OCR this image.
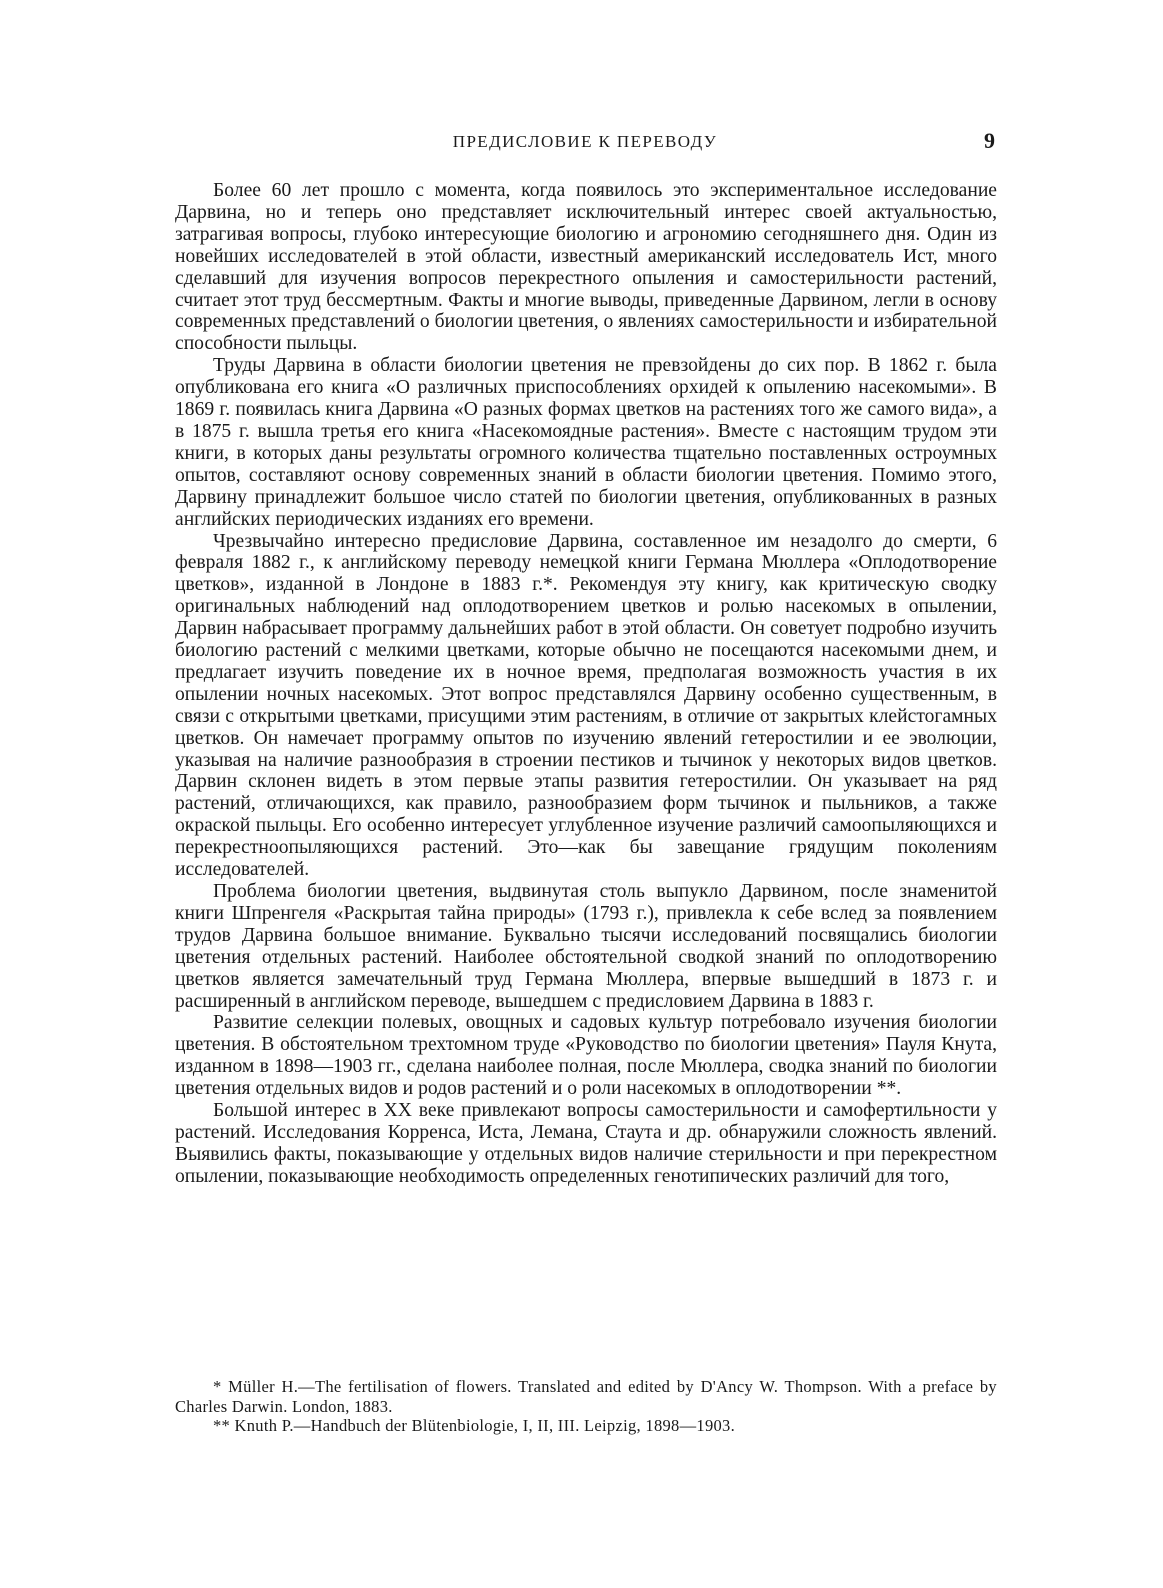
ПРЕДИСЛОВИЕ К ПЕРЕВОДУ	9

Более 60 лет прошло с момента, когда появилось это экспериментальное исследование Дарвина, но и теперь оно представляет исключительный интерес своей актуальностью, затрагивая вопросы, глубоко интересующие биологию и агрономию сегодняшнего дня. Один из новейших исследователей в этой области, известный американский исследователь Ист, много сделавший для изучения вопросов перекрестного опыления и самостерильности растений, считает этот труд бессмертным. Факты и многие выводы, приведенные Дарвином, легли в основу современных представлений о биологии цветения, о явлениях самостерильности и избирательной способности пыльцы.

Труды Дарвина в области биологии цветения не превзойдены до сих пор. В 1862 г. была опубликована его книга «О различных приспособлениях орхидей к опылению насекомыми». В 1869 г. появилась книга Дарвина «О разных формах цветков на растениях того же самого вида», а в 1875 г. вышла третья его книга «Насекомоядные растения». Вместе с настоящим трудом эти книги, в которых даны результаты огромного количества тщательно поставленных остроумных опытов, составляют основу современных знаний в области биологии цветения. Помимо этого, Дарвину принадлежит большое число статей по биологии цветения, опубликованных в разных английских периодических изданиях его времени.

Чрезвычайно интересно предисловие Дарвина, составленное им незадолго до смерти, 6 февраля 1882 г., к английскому переводу немецкой книги Германа Мюллера «Оплодотворение цветков», изданной в Лондоне в 1883 г.*. Рекомендуя эту книгу, как критическую сводку оригинальных наблюдений над оплодотворением цветков и ролью насекомых в опылении, Дарвин набрасывает программу дальнейших работ в этой области. Он советует подробно изучить биологию растений с мелкими цветками, которые обычно не посещаются насекомыми днем, и предлагает изучить поведение их в ночное время, предполагая возможность участия в их опылении ночных насекомых. Этот вопрос представлялся Дарвину особенно существенным, в связи с открытыми цветками, присущими этим растениям, в отличие от закрытых клейстогамных цветков. Он намечает программу опытов по изучению явлений гетеростилии и ее эволюции, указывая на наличие разнообразия в строении пестиков и тычинок у некоторых видов цветков. Дарвин склонен видеть в этом первые этапы развития гетеростилии. Он указывает на ряд растений, отличающихся, как правило, разнообразием форм тычинок и пыльников, а также окраской пыльцы. Его особенно интересует углубленное изучение различий самоопыляющихся и перекрестноопыляющихся растений. Это—как бы завещание грядущим поколениям исследователей.

Проблема биологии цветения, выдвинутая столь выпукло Дарвином, после знаменитой книги Шпренгеля «Раскрытая тайна природы» (1793 г.), привлекла к себе вслед за появлением трудов Дарвина большое внимание. Буквально тысячи исследований посвящались биологии цветения отдельных растений. Наиболее обстоятельной сводкой знаний по оплодотворению цветков является замечательный труд Германа Мюллера, впервые вышедший в 1873 г. и расширенный в английском переводе, вышедшем с предисловием Дарвина в 1883 г.

Развитие селекции полевых, овощных и садовых культур потребовало изучения биологии цветения. В обстоятельном трехтомном труде «Руководство по биологии цветения» Пауля Кнута, изданном в 1898—1903 гг., сделана наиболее полная, после Мюллера, сводка знаний по биологии цветения отдельных видов и родов растений и о роли насекомых в оплодотворении **.

Большой интерес в XX веке привлекают вопросы самостерильности и самофертильности у растений. Исследования Корренса, Иста, Лемана, Стаута и др. обнаружили сложность явлений. Выявились факты, показывающие у отдельных видов наличие стерильности и при перекрестном опылении, показывающие необходимость определенных генотипических различий для того,

* Müller H.—The fertilisation of flowers. Translated and edited by D'Ancy W. Thompson. With a preface by Charles Darwin. London, 1883.

** Knuth P.—Handbuch der Blütenbiologie, I, II, III. Leipzig, 1898—1903.
